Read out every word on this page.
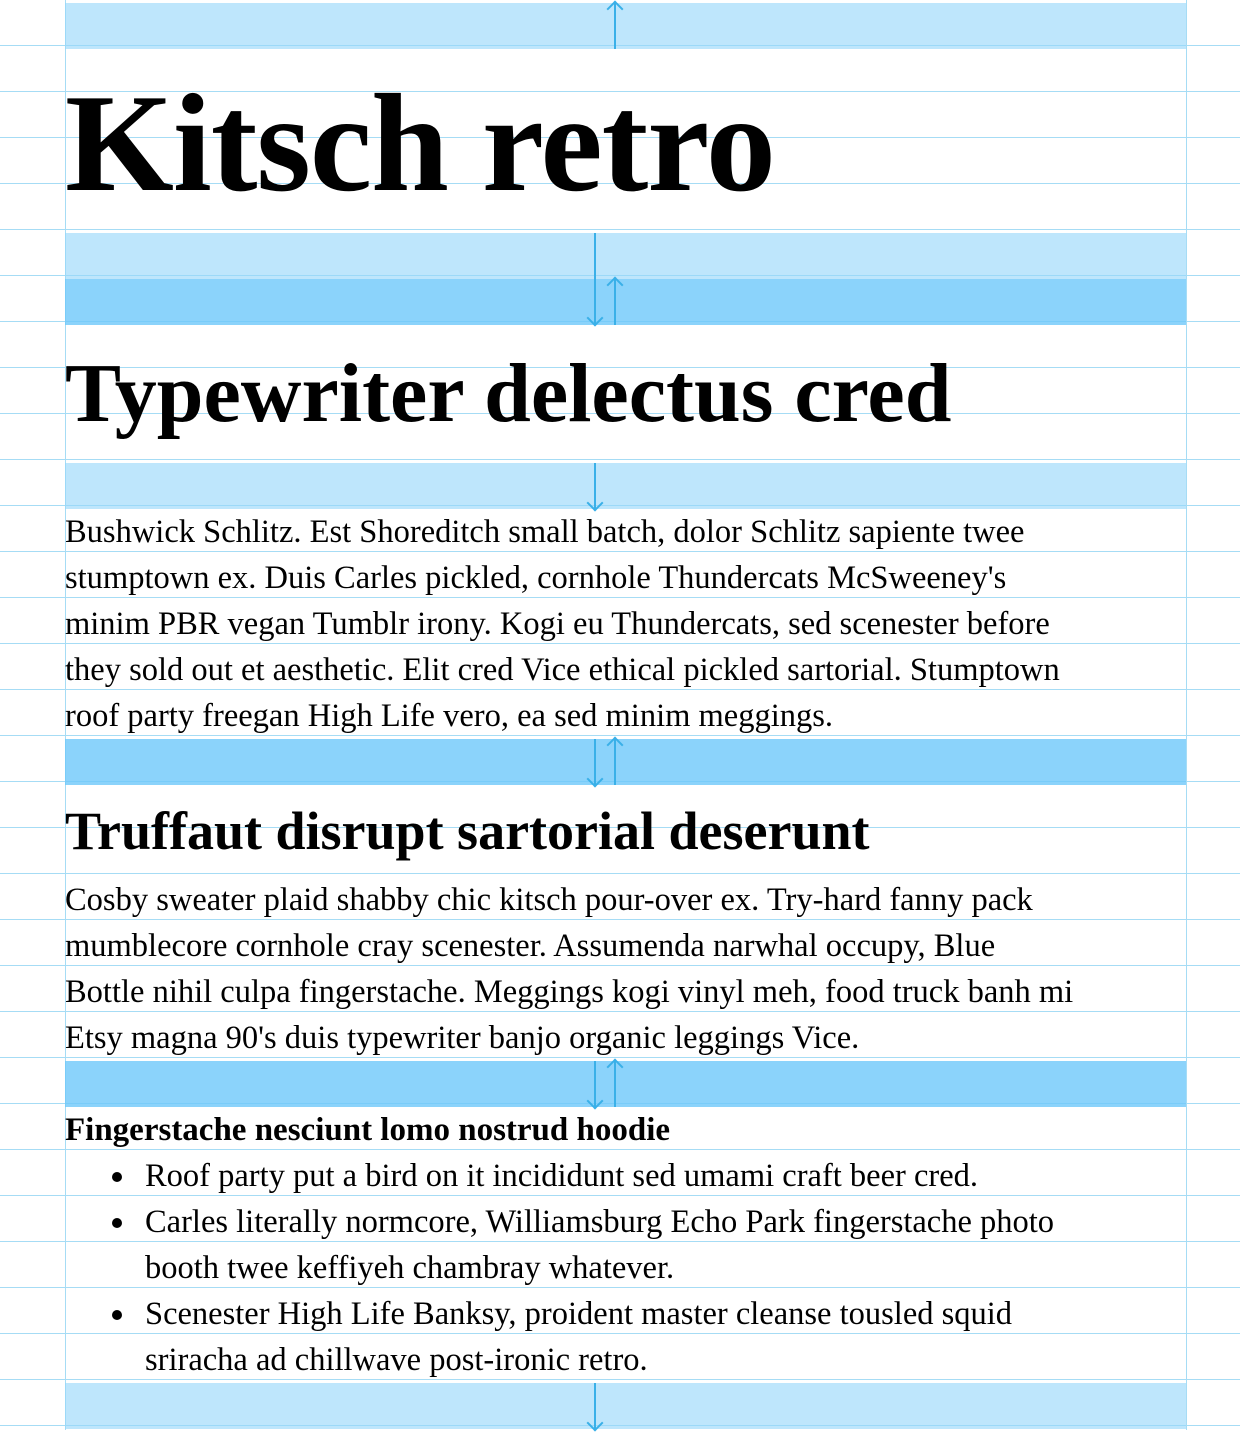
Kitsch retro
Typewriter delectus cred

Bushwick Schlitz. Est Shoreditch small batch, dolor Schlitz sapiente twee
stumptown ex. Duis Carles pickled, cornhole Thundercats McSweeney's
minim PBR vegan Tumblr irony. Kogi eu Thundercats, sed scenester before
they sold out et aesthetic. Elit cred Vice ethical pickled sartorial. Stumptown
roof party freegan High Life vero, ea sed minim meggings.

Truffaut disrupt sartorial deserunt

Cosby sweater plaid shabby chic kitsch pour-over ex. Try-hard fanny pack
mumblecore cornhole cray scenester. Assumenda narwhal occupy, Blue
Bottle nihil culpa fingerstache. Meggings kogi vinyl meh, food truck banh mi
Etsy magna 90's duis typewriter banjo organic leggings Vice.

Fingerstache nesciunt lomo nostrud hoodie
Roof party put a bird on it incididunt sed umami craft beer cred.
Carles literally normcore, Williamsburg Echo Park fingerstache photo
booth twee keffiyeh chambray whatever.
Scenester High Life Banksy, proident master cleanse tousled squid
sriracha ad chillwave post-ironic retro.
